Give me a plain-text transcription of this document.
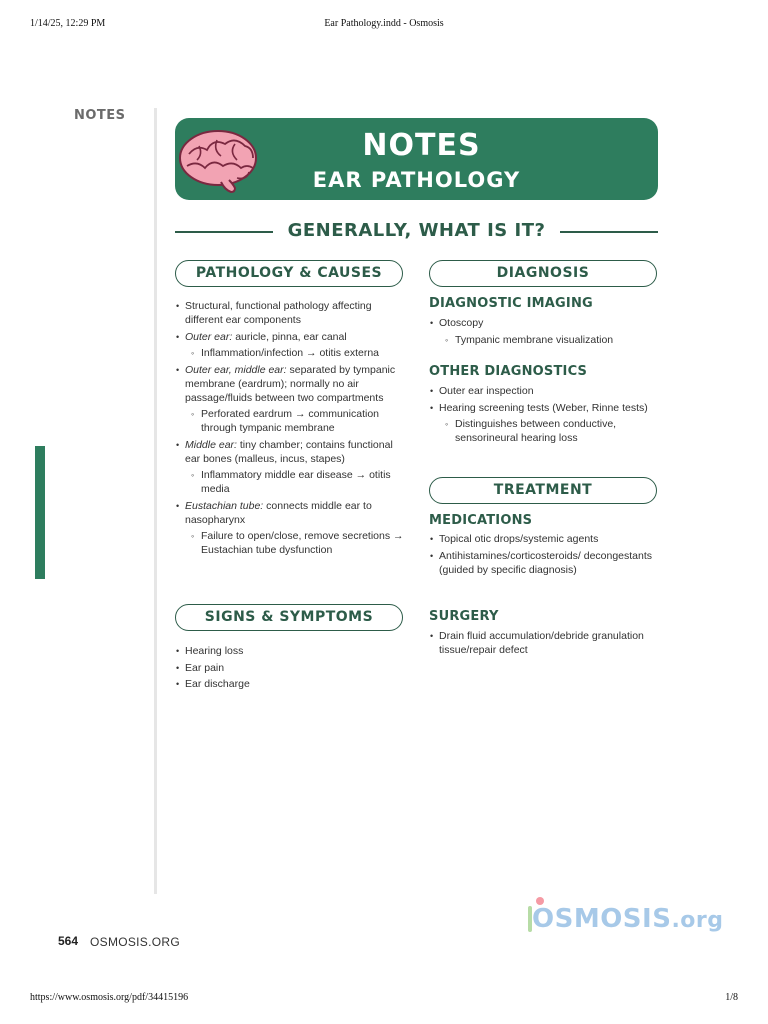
1/14/25, 12:29 PM	Ear Pathology.indd - Osmosis
NOTES
NOTES
EAR PATHOLOGY
GENERALLY, WHAT IS IT?
PATHOLOGY & CAUSES
• Structural, functional pathology affecting different ear components
• Outer ear: auricle, pinna, ear canal
◦ Inflammation/infection → otitis externa
• Outer ear, middle ear: separated by tympanic membrane (eardrum); normally no air passage/fluids between two compartments
◦ Perforated eardrum → communication through tympanic membrane
• Middle ear: tiny chamber; contains functional ear bones (malleus, incus, stapes)
◦ Inflammatory middle ear disease → otitis media
• Eustachian tube: connects middle ear to nasopharynx
◦ Failure to open/close, remove secretions → Eustachian tube dysfunction
SIGNS & SYMPTOMS
• Hearing loss
• Ear pain
• Ear discharge
DIAGNOSIS
DIAGNOSTIC IMAGING
• Otoscopy
◦ Tympanic membrane visualization
OTHER DIAGNOSTICS
• Outer ear inspection
• Hearing screening tests (Weber, Rinne tests)
◦ Distinguishes between conductive, sensorineural hearing loss
TREATMENT
MEDICATIONS
• Topical otic drops/systemic agents
• Antihistamines/corticosteroids/ decongestants (guided by specific diagnosis)
SURGERY
• Drain fluid accumulation/debride granulation tissue/repair defect
564 OSMOSIS.ORG
OSMOSIS.org
https://www.osmosis.org/pdf/34415196	1/8
